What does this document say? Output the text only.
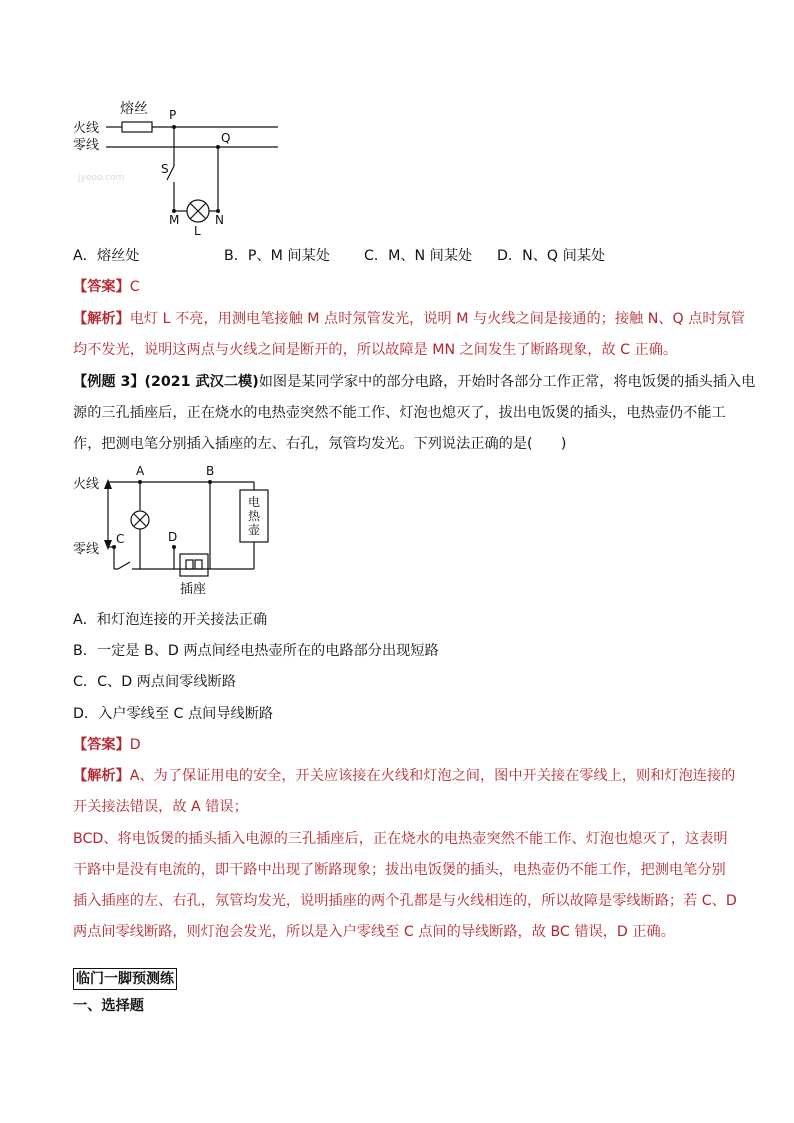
火线
零线
熔丝 P
Q
S
M	N
L
jyeoo.com
A．熔丝处	B．P、M 间某处 C．M、N 间某处 D．N、Q 间某处
【答案】C
【解析】电灯 L 不亮，用测电笔接触 M 点时氖管发光，说明 M 与火线之间是接通的；接触 N、Q 点时氖管
均不发光，说明这两点与火线之间是断开的，所以故障是 MN 之间发生了断路现象，故 C 正确。
【例题 3】(2021 武汉二模)如图是某同学家中的部分电路，开始时各部分工作正常，将电饭煲的插头插入电
源的三孔插座后，正在烧水的电热壶突然不能工作、灯泡也熄灭了，拔出电饭煲的插头，电热壶仍不能工
作，把测电笔分别插入插座的左、右孔，氖管均发光。下列说法正确的是(　　)
火线
零线
A	B
C	D
电 热 壶
插座
A．和灯泡连接的开关接法正确
B．一定是 B、D 两点间经电热壶所在的电路部分出现短路
C．C、D 两点间零线断路
D．入户零线至 C 点间导线断路
【答案】D
【解析】A、为了保证用电的安全，开关应该接在火线和灯泡之间，图中开关接在零线上，则和灯泡连接的
开关接法错误，故 A 错误；
BCD、将电饭煲的插头插入电源的三孔插座后，正在烧水的电热壶突然不能工作、灯泡也熄灭了，这表明
干路中是没有电流的，即干路中出现了断路现象；拔出电饭煲的插头，电热壶仍不能工作，把测电笔分别
插入插座的左、右孔，氖管均发光，说明插座的两个孔都是与火线相连的，所以故障是零线断路；若 C、D
两点间零线断路，则灯泡会发光，所以是入户零线至 C 点间的导线断路，故 BC 错误，D 正确。
临门一脚预测练
一、选择题
